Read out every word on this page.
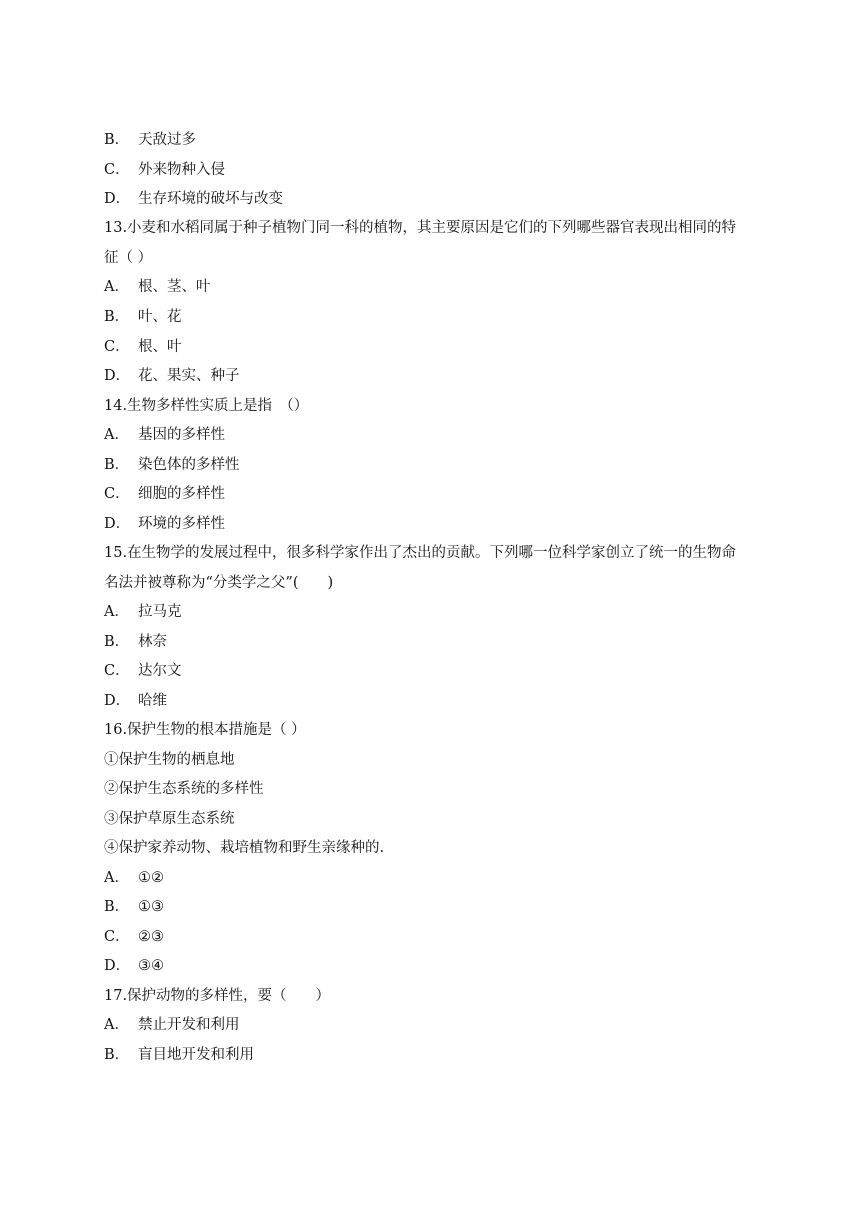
B． 天敌过多
C． 外来物种入侵
D． 生存环境的破坏与改变
13.小麦和水稻同属于种子植物门同一科的植物，其主要原因是它们的下列哪些器官表现出相同的特
征（ ）
A． 根、茎、叶
B． 叶、花
C． 根、叶
D． 花、果实、种子
14.生物多样性实质上是指　（）
A． 基因的多样性
B． 染色体的多样性
C． 细胞的多样性
D． 环境的多样性
15.在生物学的发展过程中，很多科学家作出了杰出的贡献。下列哪一位科学家创立了统一的生物命
名法并被尊称为“分类学之父”(　　)
A． 拉马克
B． 林奈
C． 达尔文
D． 哈维
16.保护生物的根本措施是（ ）
①保护生物的栖息地
②保护生态系统的多样性
③保护草原生态系统
④保护家养动物、栽培植物和野生亲缘种的.
A． ①②
B． ①③
C． ②③
D． ③④
17.保护动物的多样性，要（　　）
A． 禁止开发和利用
B． 盲目地开发和利用
